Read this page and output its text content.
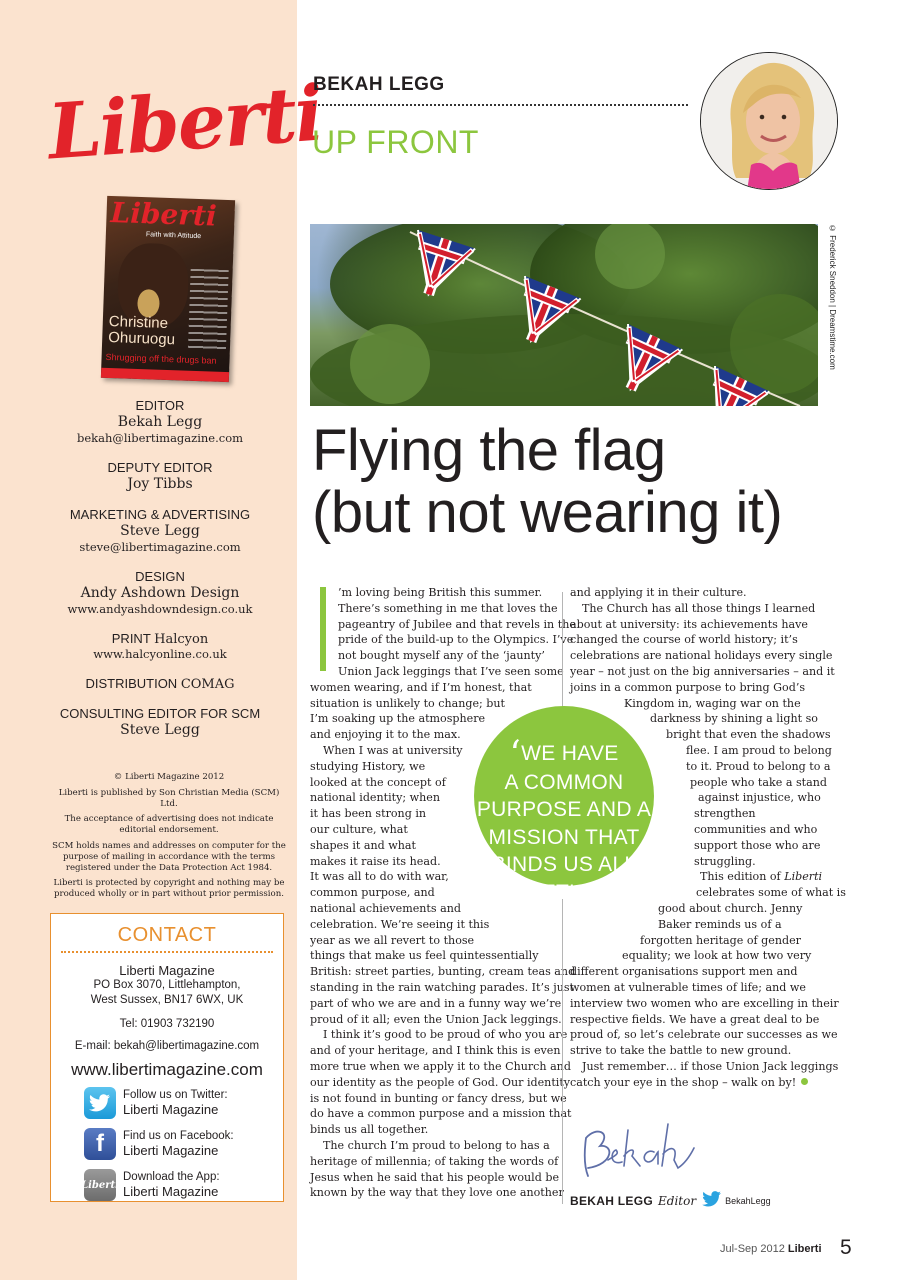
Liberti
Liberti
Faith with Attitude
Christine
Ohuruogu
Shrugging off the drugs ban
EDITOR
Bekah Legg
bekah@libertimagazine.com
DEPUTY EDITOR
Joy Tibbs
MARKETING & ADVERTISING
Steve Legg
steve@libertimagazine.com
DESIGN
Andy Ashdown Design
www.andyashdowndesign.co.uk
PRINT Halcyon
www.halcyonline.co.uk
DISTRIBUTION COMAG
CONSULTING EDITOR FOR SCM
Steve Legg

© Liberti Magazine 2012

Liberti is published by Son Christian Media (SCM) Ltd.

The acceptance of advertising does not indicate editorial endorsement.

SCM holds names and addresses on computer for the purpose of mailing in accordance with the terms registered under the Data Protection Act 1984.

Liberti is protected by copyright and nothing may be produced wholly or in part without prior permission.

CONTACT
Liberti Magazine
PO Box 3070, Littlehampton,
West Sussex, BN17 6WX, UK
Tel: 01903 732190
E-mail: bekah@libertimagazine.com
www.libertimagazine.com
Follow us on Twitter:
Liberti Magazine
f	Find us on Facebook:
Liberti Magazine
Liberti
Download the App:
Liberti Magazine
BEKAH LEGG
UP FRONT
© Frederick Sneddon | Dreamstime.com
Flying the flag
(but not wearing it)
’m loving being British this summer.
There’s something in me that loves the
pageantry of Jubilee and that revels in the
pride of the build-up to the Olympics. I’ve
not bought myself any of the ‘jaunty’
Union Jack leggings that I’ve seen some
women wearing, and if I’m honest, that
situation is unlikely to change; but
I’m soaking up the atmosphere
and enjoying it to the max.
When I was at university
studying History, we
looked at the concept of
national identity; when
it has been strong in
our culture, what
shapes it and what
makes it raise its head.
It was all to do with war,
common purpose, and
national achievements and
celebration. We’re seeing it this
year as we all revert to those
things that make us feel quintessentially
British: street parties, bunting, cream teas and
standing in the rain watching parades. It’s just
part of who we are and in a funny way we’re
proud of it all; even the Union Jack leggings.
I think it’s good to be proud of who you are
and of your heritage, and I think this is even
more true when we apply it to the Church and
our identity as the people of God. Our identity
is not found in bunting or fancy dress, but we
do have a common purpose and a mission that
binds us all together.
The church I’m proud to belong to has a
heritage of millennia; of taking the words of
Jesus when he said that his people would be
known by the way that they love one another
and applying it in their culture.
The Church has all those things I learned
about at university: its achievements have
changed the course of world history; it’s
celebrations are national holidays every single
year – not just on the big anniversaries – and it
joins in a common purpose to bring God’s
Kingdom in, waging war on the
darkness by shining a light so
bright that even the shadows
flee. I am proud to belong
to it. Proud to belong to a
people who take a stand
against injustice, who
strengthen
communities and who
support those who are
struggling.
This edition of Liberti
celebrates some of what is
good about church. Jenny
Baker reminds us of a
forgotten heritage of gender
equality; we look at how two very
different organisations support men and
women at vulnerable times of life; and we
interview two women who are excelling in their
respective fields. We have a great deal to be
proud of, so let’s celebrate our successes as we
strive to take the battle to new ground.
Just remember… if those Union Jack leggings
catch your eye in the shop – walk on by!
‘WE HAVE
A COMMON
PURPOSE AND A
MISSION THAT
BINDS US ALL
TOGETHER.’
BEKAH LEGG Editor	BekahLegg
Jul-Sep 2012 Liberti 5
